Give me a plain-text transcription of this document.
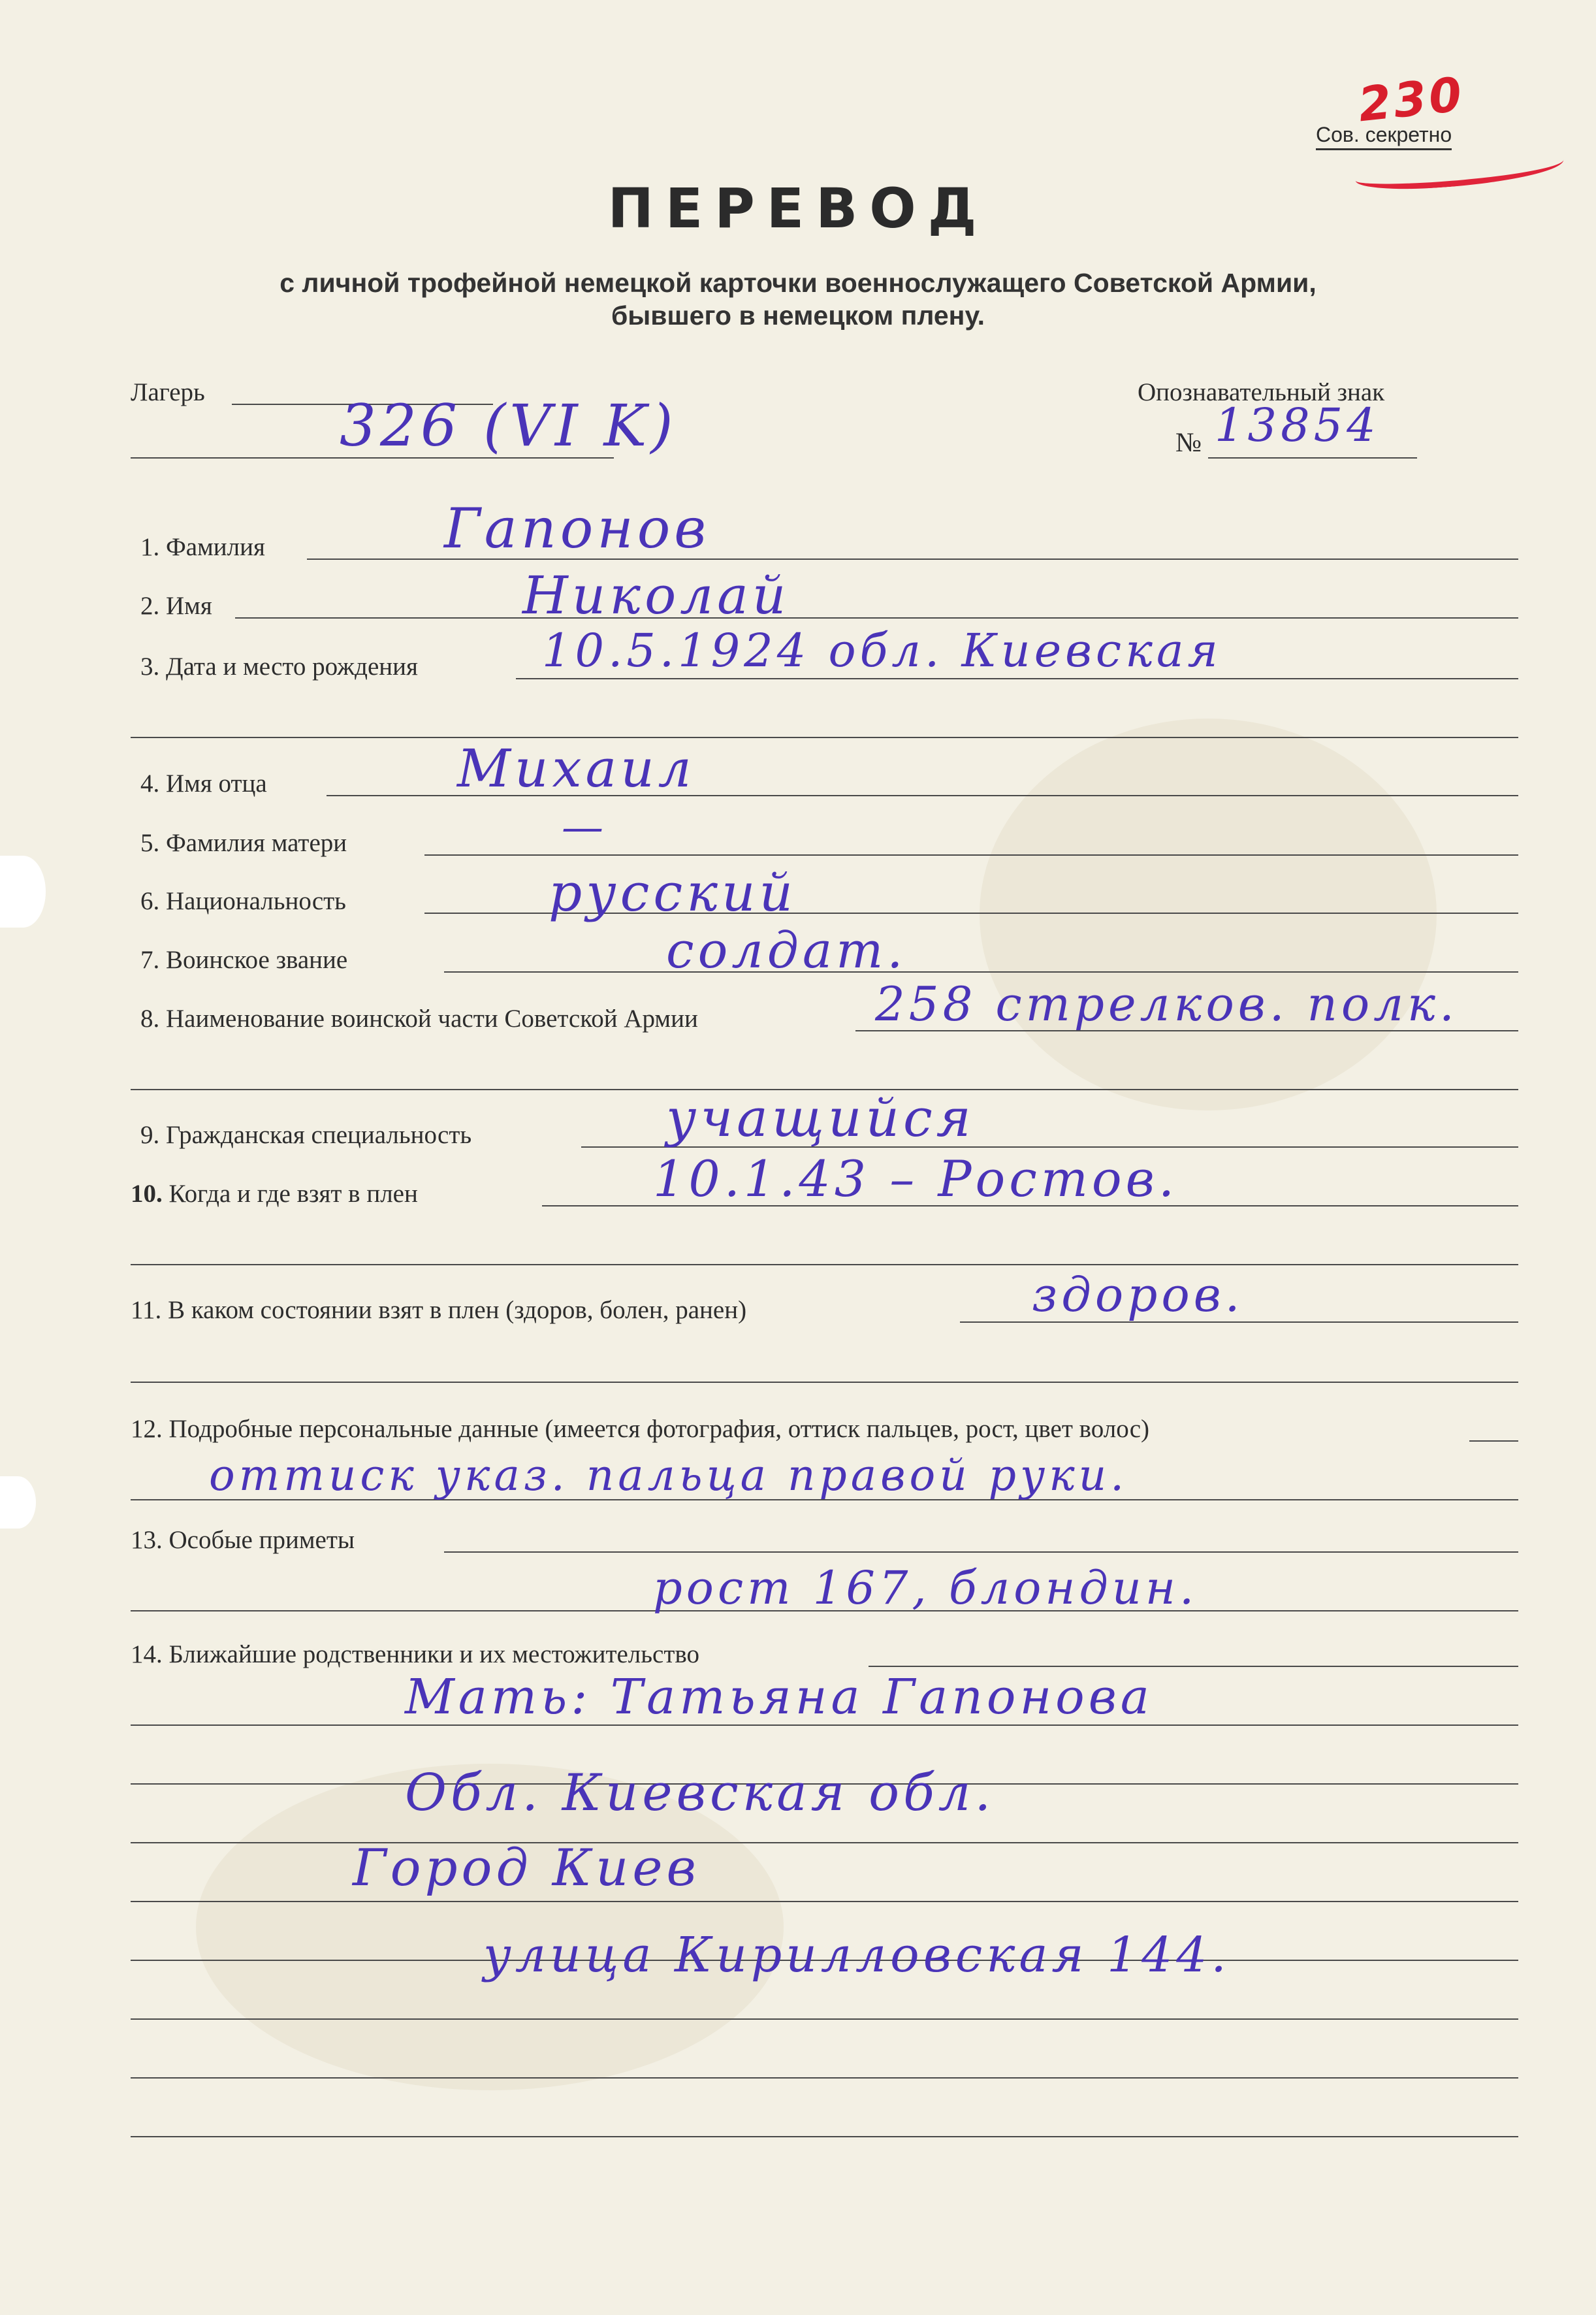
230
Сов. секретно
ПЕРЕВОД
с личной трофейной немецкой карточки военнослужащего Советской Армии,
бывшего в немецком плену.
Лагерь 326 (VI K)	Опознавательный знак
№ 13854
1. Фамилия	Гапонов
2. Имя	Николай
3. Дата и место рождения	10.5.1924 обл. Киевская
4. Имя отца	Михаил
5. Фамилия матери	—
6. Национальность	русский
7. Воинское звание	солдат.
8. Наименование воинской части Советской Армии	258 стрелков. полк.
9. Гражданская специальность	учащийся
10. Когда и где взят в плен	10.1.43 – Ростов.
11. В каком состоянии взят в плен (здоров, болен, ранен)	здоров.
12. Подробные персональные данные (имеется фотография, оттиск пальцев, рост, цвет волос)
оттиск указ. пальца правой руки.
13. Особые приметы
рост 167, блондин.
14. Ближайшие родственники и их местожительство
Мать: Татьяна Гапонова
Обл. Киевская обл.
Город Киев
улица Кирилловская 144.
